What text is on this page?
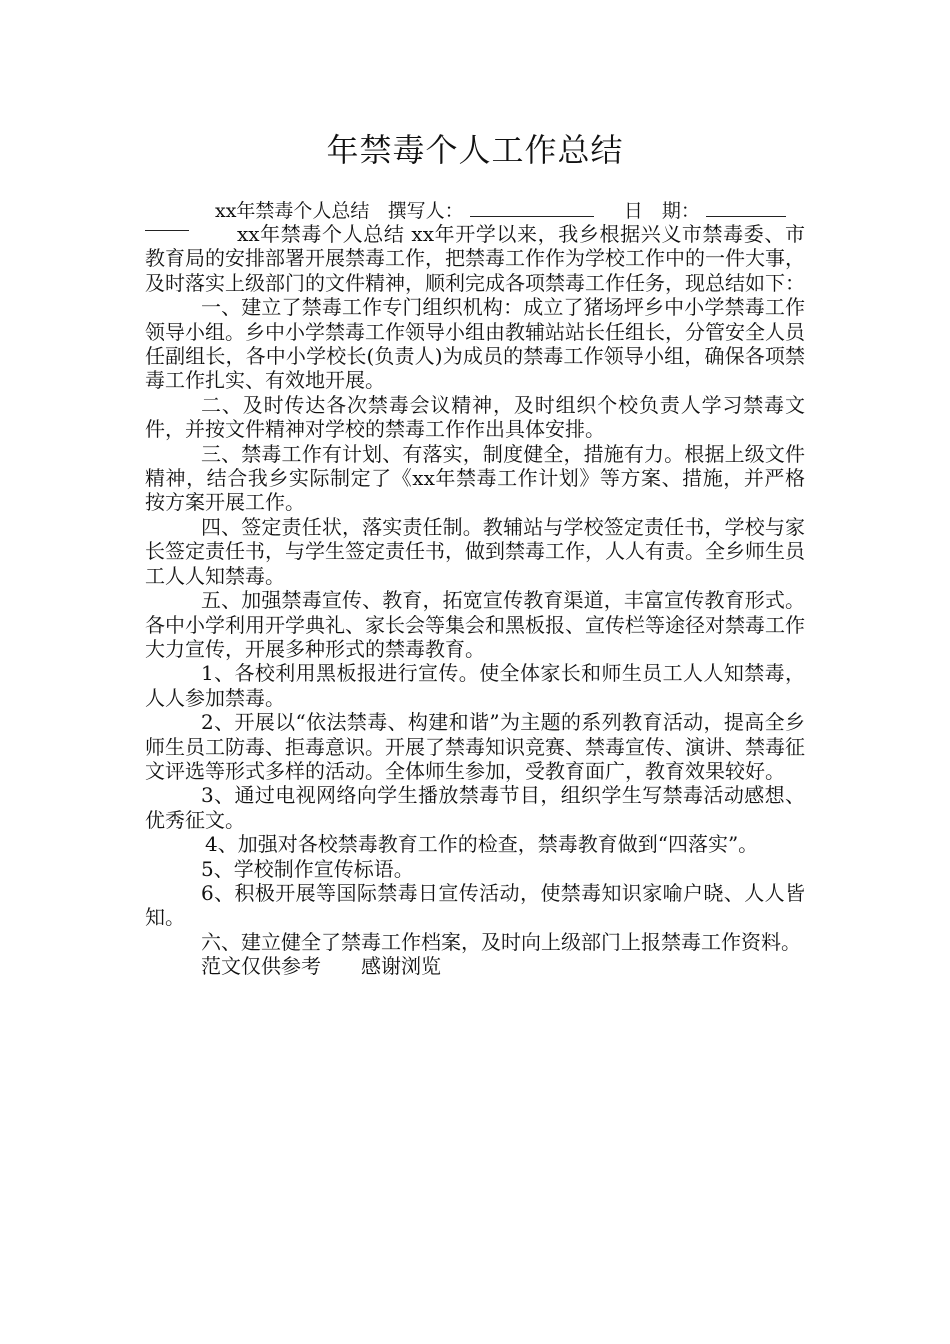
年禁毒个人工作总结
xx年禁毒个人总结 撰写人：	日　期：

xx年禁毒个人总结 xx年开学以来，我乡根据兴义市禁毒委、市教育局的安排部署开展禁毒工作，把禁毒工作作为学校工作中的一件大事，及时落实上级部门的文件精神，顺利完成各项禁毒工作任务，现总结如下：

一、建立了禁毒工作专门组织机构：成立了猪场坪乡中小学禁毒工作领导小组。乡中小学禁毒工作领导小组由教辅站站长任组长，分管安全人员任副组长，各中小学校长(负责人)为成员的禁毒工作领导小组，确保各项禁毒工作扎实、有效地开展。

二、及时传达各次禁毒会议精神，及时组织个校负责人学习禁毒文件，并按文件精神对学校的禁毒工作作出具体安排。

三、禁毒工作有计划、有落实，制度健全，措施有力。根据上级文件精神，结合我乡实际制定了《xx年禁毒工作计划》等方案、措施，并严格按方案开展工作。

四、签定责任状，落实责任制。教辅站与学校签定责任书，学校与家长签定责任书，与学生签定责任书，做到禁毒工作，人人有责。全乡师生员工人人知禁毒。

五、加强禁毒宣传、教育，拓宽宣传教育渠道，丰富宣传教育形式。各中小学利用开学典礼、家长会等集会和黑板报、宣传栏等途径对禁毒工作大力宣传，开展多种形式的禁毒教育。

1、各校利用黑板报进行宣传。使全体家长和师生员工人人知禁毒，人人参加禁毒。

2、开展以“依法禁毒、构建和谐”为主题的系列教育活动，提高全乡师生员工防毒、拒毒意识。开展了禁毒知识竞赛、禁毒宣传、演讲、禁毒征文评选等形式多样的活动。全体师生参加，受教育面广，教育效果较好。

3、通过电视网络向学生播放禁毒节目，组织学生写禁毒活动感想、优秀征文。

4、加强对各校禁毒教育工作的检查，禁毒教育做到“四落实”。

5、学校制作宣传标语。

6、积极开展等国际禁毒日宣传活动，使禁毒知识家喻户晓、人人皆知。

六、建立健全了禁毒工作档案，及时向上级部门上报禁毒工作资料。

范文仅供参考　　感谢浏览
